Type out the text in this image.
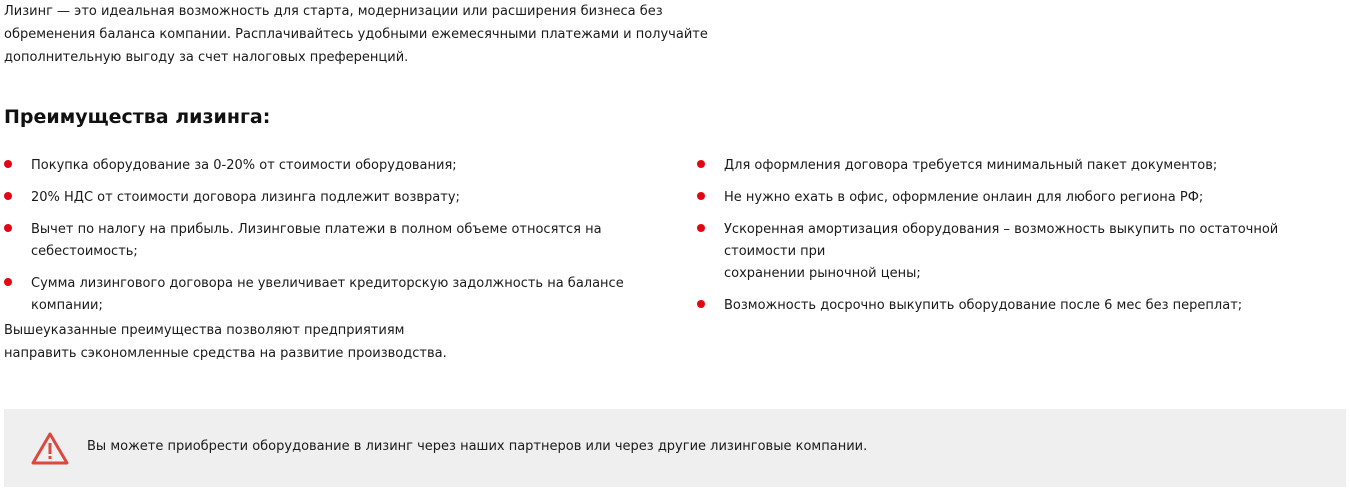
Лизинг — это идеальная возможность для старта, модернизации или расширения бизнеса без
обременения баланса компании. Расплачивайтесь удобными ежемесячными платежами и получайте
дополнительную выгоду за счет налоговых преференций.
Преимущества лизинга:
Покупка оборудование за 0-20% от стоимости оборудования;
20% НДС от стоимости договора лизинга подлежит возврату;
Вычет по налогу на прибыль. Лизинговые платежи в полном объеме относятся на
себестоимость;
Сумма лизингового договора не увеличивает кредиторскую задолжность на балансе компании;
Для оформления договора требуется минимальный пакет документов;
Не нужно ехать в офис, оформление онлаин для любого региона РФ;
Ускоренная амортизация оборудования – возможность выкупить по остаточной стоимости при
сохранении рыночной цены;
Возможность досрочно выкупить оборудование после 6 мес без переплат;
Вышеуказанные преимущества позволяют предприятиям
направить сэкономленные средства на развитие производства.
Вы можете приобрести оборудование в лизинг через наших партнеров или через другие лизинговые компании.
